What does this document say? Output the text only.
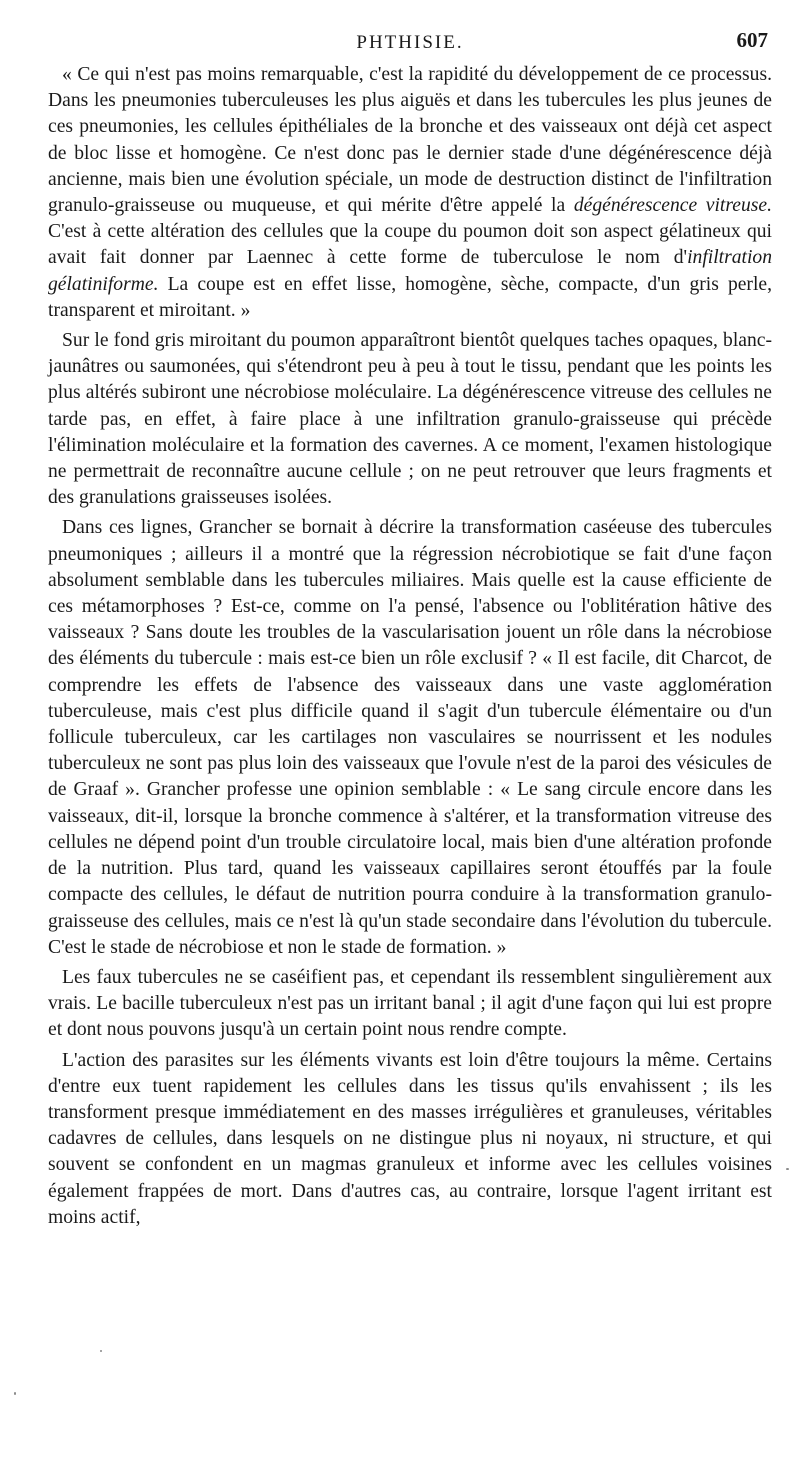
PHTHISIE.	607

« Ce qui n'est pas moins remarquable, c'est la rapidité du développement de ce processus. Dans les pneumonies tuberculeuses les plus aiguës et dans les tubercules les plus jeunes de ces pneumonies, les cellules épithéliales de la bronche et des vaisseaux ont déjà cet aspect de bloc lisse et homogène. Ce n'est donc pas le dernier stade d'une dégénérescence déjà ancienne, mais bien une évolution spéciale, un mode de destruction distinct de l'infiltration granulo-graisseuse ou muqueuse, et qui mérite d'être appelé la dégénérescence vitreuse. C'est à cette altération des cellules que la coupe du poumon doit son aspect gélatineux qui avait fait donner par Laennec à cette forme de tuberculose le nom d'infiltration gélatiniforme. La coupe est en effet lisse, homogène, sèche, compacte, d'un gris perle, transparent et miroitant. »

Sur le fond gris miroitant du poumon apparaîtront bientôt quelques taches opaques, blanc-jaunâtres ou saumonées, qui s'étendront peu à peu à tout le tissu, pendant que les points les plus altérés subiront une nécrobiose moléculaire. La dégénérescence vitreuse des cellules ne tarde pas, en effet, à faire place à une infiltration granulo-graisseuse qui précède l'élimination moléculaire et la formation des cavernes. A ce moment, l'examen histologique ne permettrait de reconnaître aucune cellule ; on ne peut retrouver que leurs fragments et des granulations graisseuses isolées.

Dans ces lignes, Grancher se bornait à décrire la transformation caséeuse des tubercules pneumoniques ; ailleurs il a montré que la régression nécrobiotique se fait d'une façon absolument semblable dans les tubercules miliaires. Mais quelle est la cause efficiente de ces métamorphoses ? Est-ce, comme on l'a pensé, l'absence ou l'oblitération hâtive des vaisseaux ? Sans doute les troubles de la vascularisation jouent un rôle dans la nécrobiose des éléments du tubercule : mais est-ce bien un rôle exclusif ? « Il est facile, dit Charcot, de comprendre les effets de l'absence des vaisseaux dans une vaste agglomération tuberculeuse, mais c'est plus difficile quand il s'agit d'un tubercule élémentaire ou d'un follicule tuberculeux, car les cartilages non vasculaires se nourrissent et les nodules tuberculeux ne sont pas plus loin des vaisseaux que l'ovule n'est de la paroi des vésicules de de Graaf ». Grancher professe une opinion semblable : « Le sang circule encore dans les vaisseaux, dit-il, lorsque la bronche commence à s'altérer, et la transformation vitreuse des cellules ne dépend point d'un trouble circulatoire local, mais bien d'une altération profonde de la nutrition. Plus tard, quand les vaisseaux capillaires seront étouffés par la foule compacte des cellules, le défaut de nutrition pourra conduire à la transformation granulo-graisseuse des cellules, mais ce n'est là qu'un stade secondaire dans l'évolution du tubercule. C'est le stade de nécrobiose et non le stade de formation. »

Les faux tubercules ne se caséifient pas, et cependant ils ressemblent singulièrement aux vrais. Le bacille tuberculeux n'est pas un irritant banal ; il agit d'une façon qui lui est propre et dont nous pouvons jusqu'à un certain point nous rendre compte.

L'action des parasites sur les éléments vivants est loin d'être toujours la même. Certains d'entre eux tuent rapidement les cellules dans les tissus qu'ils envahissent ; ils les transforment presque immédiatement en des masses irrégulières et granuleuses, véritables cadavres de cellules, dans lesquels on ne distingue plus ni noyaux, ni structure, et qui souvent se confondent en un magmas granuleux et informe avec les cellules voisines également frappées de mort. Dans d'autres cas, au contraire, lorsque l'agent irritant est moins actif,
